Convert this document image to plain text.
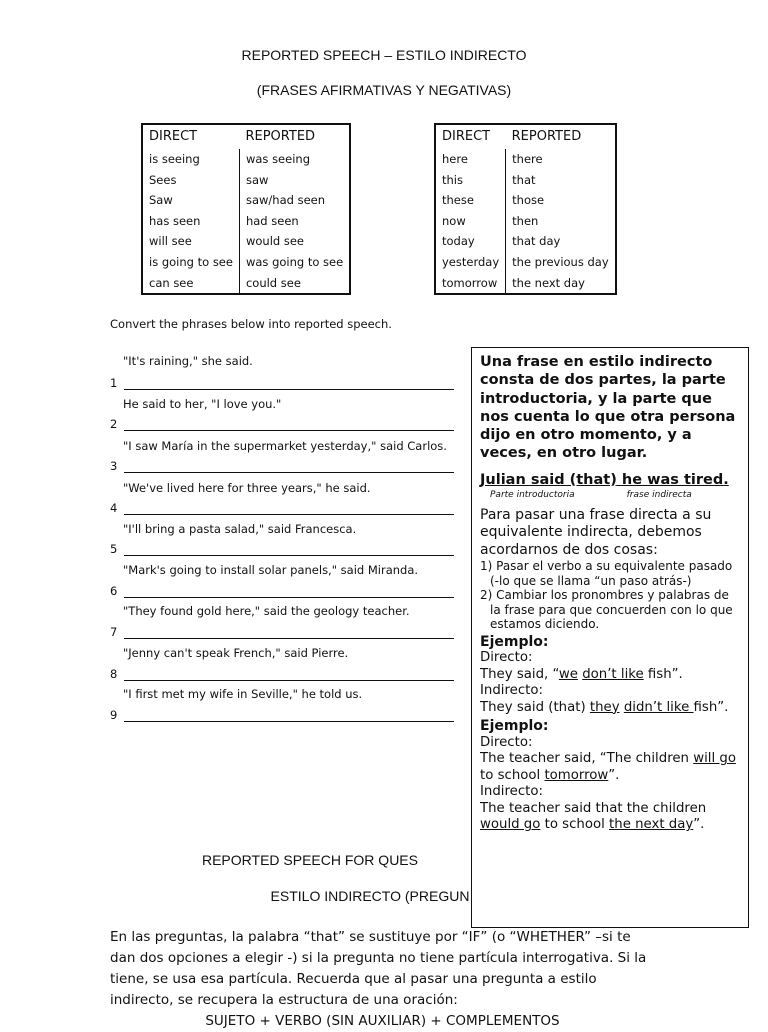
REPORTED SPEECH – ESTILO INDIRECTO
(FRASES AFIRMATIVAS Y NEGATIVAS)
DIRECT	REPORTED
is seeing	was seeing
Sees	saw
Saw	saw/had seen
has seen	had seen
will see	would see
is going to see	was going to see
can see	could see
DIRECT	REPORTED
here	there
this	that
these	those
now	then
today	that day
yesterday	the previous day
tomorrow	the next day
Convert the phrases below into reported speech.
"It's raining," she said.
1
He said to her, "I love you."
2
"I saw María in the supermarket yesterday," said Carlos.
3
"We've lived here for three years," he said.
4
"I'll bring a pasta salad," said Francesca.
5
"Mark's going to install solar panels," said Miranda.
6
"They found gold here," said the geology teacher.
7
"Jenny can't speak French," said Pierre.
8
"I first met my wife in Seville," he told us.
9
REPORTED SPEECH FOR QUES
ESTILO INDIRECTO (PREGUN
En las preguntas, la palabra “that” se sustituye por “IF” (o “WHETHER” –si te dan dos opciones a elegir -) si la pregunta no tiene partícula interrogativa. Si la tiene, se usa esa partícula. Recuerda que al pasar una pregunta a estilo indirecto, se recupera la estructura de una oración:
SUJETO + VERBO (SIN AUXILIAR) + COMPLEMENTOS
Una frase en estilo indirecto consta de dos partes, la parte introductoria, y la parte que nos cuenta lo que otra persona dijo en otro momento, y a veces, en otro lugar.
Julian said (that) he was tired.
Parte introductoria	frase indirecta
Para pasar una frase directa a su equivalente indirecta, debemos acordarnos de dos cosas:
1) Pasar el verbo a su equivalente pasado (-lo que se llama “un paso atrás-)
2) Cambiar los pronombres y palabras de la frase para que concuerden con lo que estamos diciendo.
Ejemplo:
Directo:
They said, “we don’t like fish”.
Indirecto:
They said (that) they didn’t like fish”.
Ejemplo:
Directo:
The teacher said, “The children will go to school tomorrow”.
Indirecto:
The teacher said that the children would go to school the next day”.
